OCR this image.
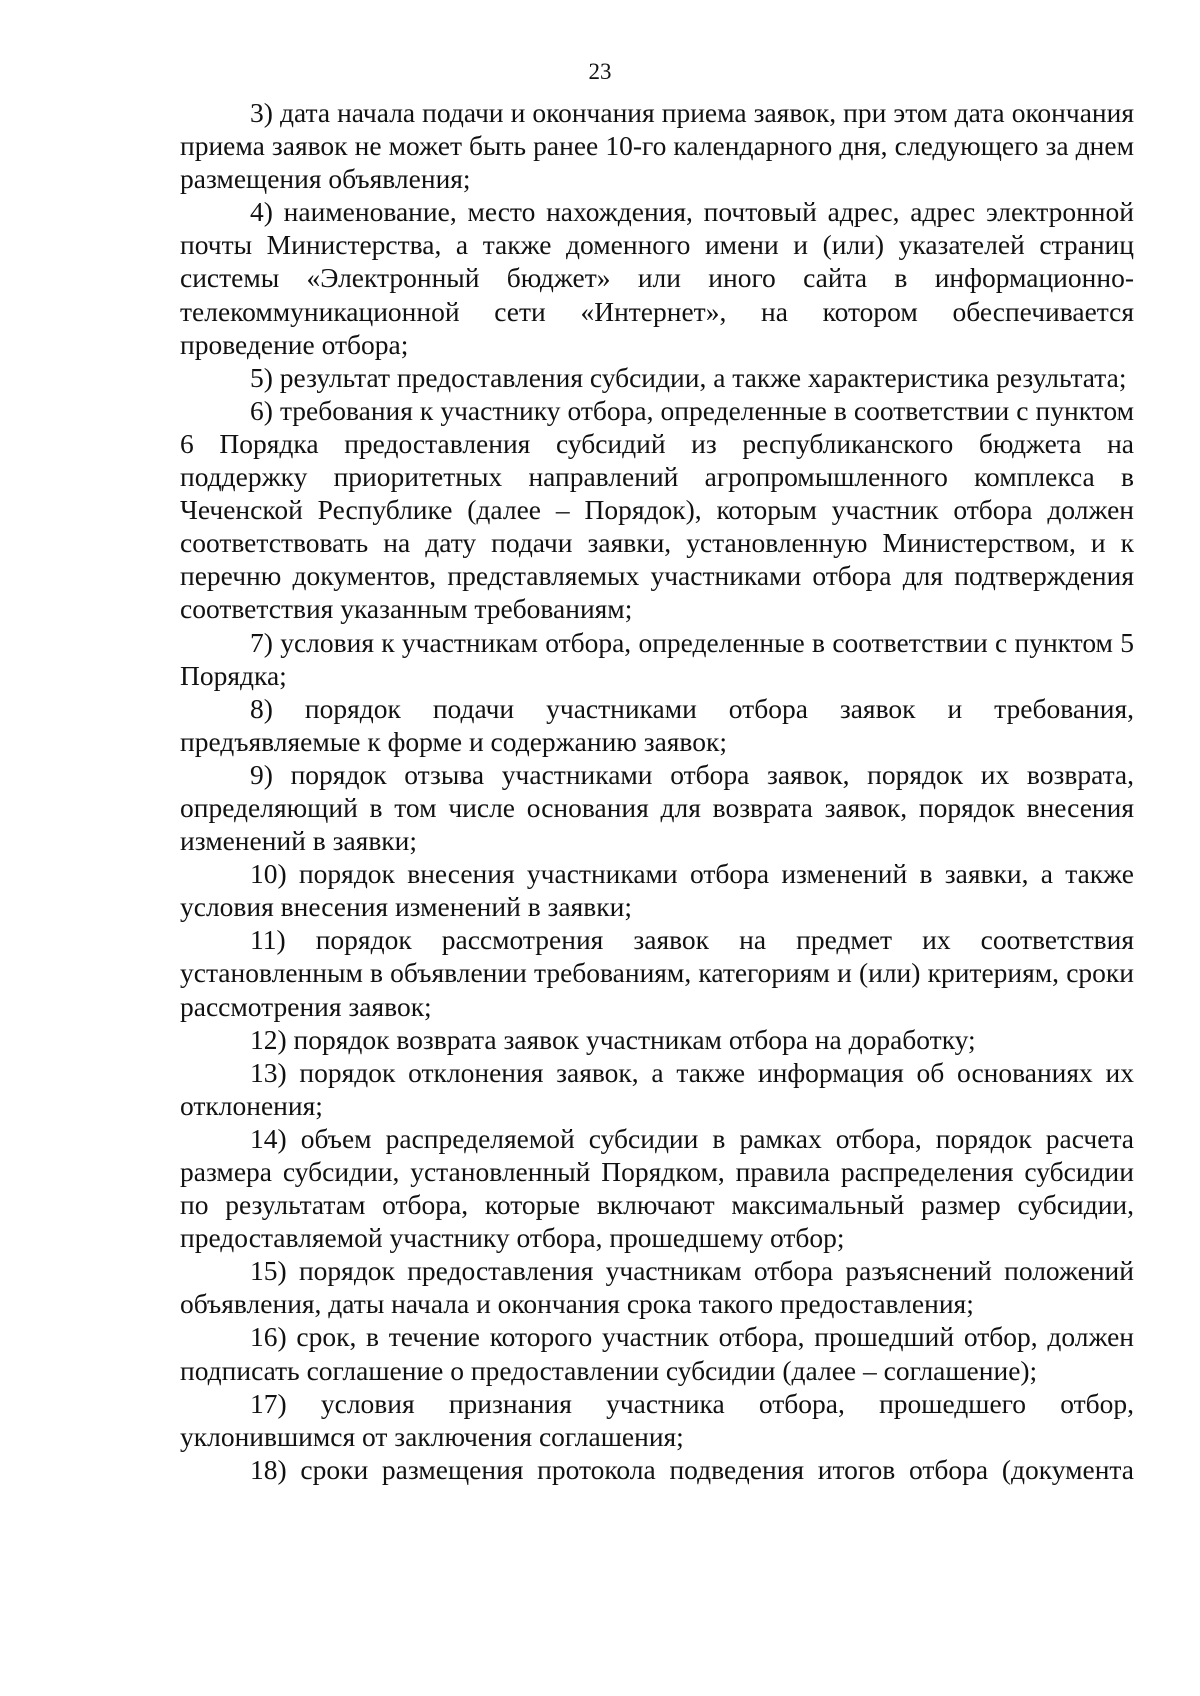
23

3) дата начала подачи и окончания приема заявок, при этом дата окончания приема заявок не может быть ранее 10-го календарного дня, следующего за днем размещения объявления;

4) наименование, место нахождения, почтовый адрес, адрес электронной почты Министерства, а также доменного имени и (или) указателей страниц системы «Электронный бюджет» или иного сайта в информационно-телекоммуникационной сети «Интернет», на котором обеспечивается проведение отбора;

5) результат предоставления субсидии, а также характеристика результата;

6) требования к участнику отбора, определенные в соответствии с пунктом 6 Порядка предоставления субсидий из республиканского бюджета на поддержку приоритетных направлений агропромышленного комплекса в Чеченской Республике (далее – Порядок), которым участник отбора должен соответствовать на дату подачи заявки, установленную Министерством, и к перечню документов, представляемых участниками отбора для подтверждения соответствия указанным требованиям;

7) условия к участникам отбора, определенные в соответствии с пунктом 5 Порядка;

8) порядок подачи участниками отбора заявок и требования, предъявляемые к форме и содержанию заявок;

9) порядок отзыва участниками отбора заявок, порядок их возврата, определяющий в том числе основания для возврата заявок, порядок внесения изменений в заявки;

10) порядок внесения участниками отбора изменений в заявки, а также условия внесения изменений в заявки;

11) порядок рассмотрения заявок на предмет их соответствия установленным в объявлении требованиям, категориям и (или) критериям, сроки рассмотрения заявок;

12) порядок возврата заявок участникам отбора на доработку;

13) порядок отклонения заявок, а также информация об основаниях их отклонения;

14) объем распределяемой субсидии в рамках отбора, порядок расчета размера субсидии, установленный Порядком, правила распределения субсидии по результатам отбора, которые включают максимальный размер субсидии, предоставляемой участнику отбора, прошедшему отбор;

15) порядок предоставления участникам отбора разъяснений положений объявления, даты начала и окончания срока такого предоставления;

16) срок, в течение которого участник отбора, прошедший отбор, должен подписать соглашение о предоставлении субсидии (далее – соглашение);

17) условия признания участника отбора, прошедшего отбор, уклонившимся от заключения соглашения;

18) сроки размещения протокола подведения итогов отбора (документа
